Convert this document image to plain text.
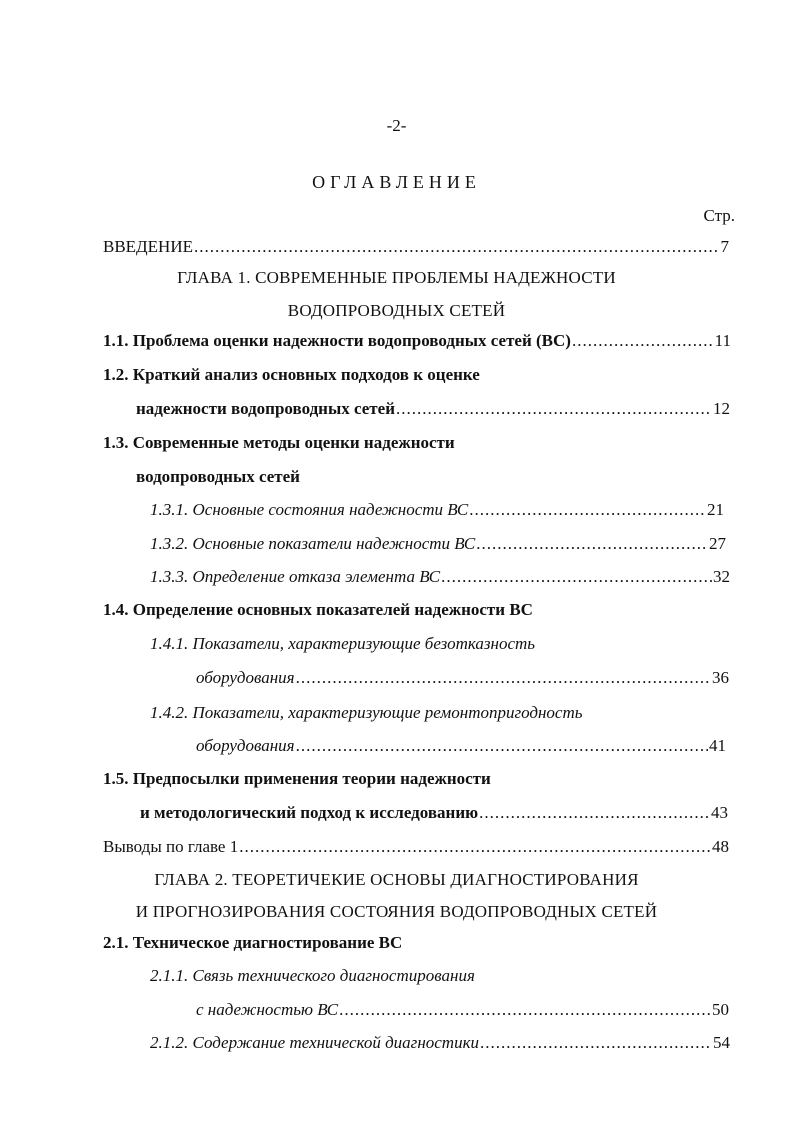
-2-
ОГЛАВЛЕНИЕ
Стр.
ВВЕДЕНИЕ .....	7
ГЛАВА 1. СОВРЕМЕННЫЕ ПРОБЛЕМЫ НАДЕЖНОСТИ
ВОДОПРОВОДНЫХ СЕТЕЙ
1.1. Проблема оценки надежности водопроводных сетей (ВС) .....	11
1.2. Краткий анализ основных подходов к оценке
надежности водопроводных сетей .....	12
1.3. Современные методы оценки надежности
водопроводных сетей
1.3.1. Основные состояния надежности ВС .....	21
1.3.2. Основные показатели надежности ВС .....	27
1.3.3. Определение отказа элемента ВС .....	32
1.4. Определение основных показателей надежности ВС
1.4.1. Показатели, характеризующие безотказность
оборудования .....	36
1.4.2. Показатели, характеризующие ремонтопригодность
оборудования .....	41
1.5. Предпосылки применения теории надежности
и методологический подход к исследованию .....	43
Выводы по главе 1 .....	48
ГЛАВА 2. ТЕОРЕТИЧЕКИЕ ОСНОВЫ ДИАГНОСТИРОВАНИЯ
И ПРОГНОЗИРОВАНИЯ СОСТОЯНИЯ ВОДОПРОВОДНЫХ СЕТЕЙ
2.1. Техническое диагностирование ВС
2.1.1. Связь технического диагностирования
с надежностью ВС .....	50
2.1.2. Содержание технической диагностики .....	54
